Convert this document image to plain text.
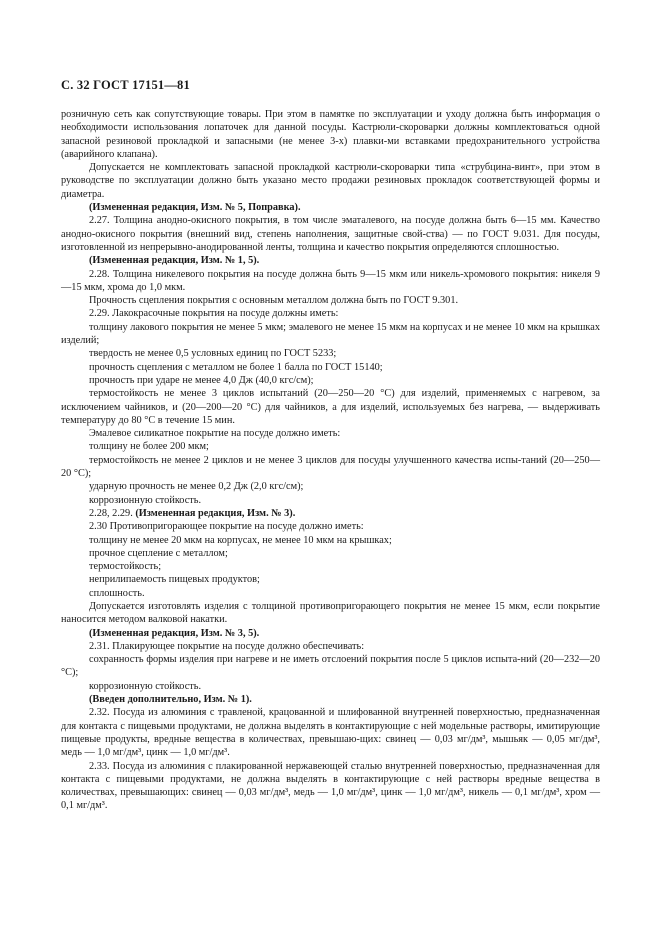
С. 32 ГОСТ 17151—81

розничную сеть как сопутствующие товары. При этом в памятке по эксплуатации и уходу должна быть информация о необходимости использования лопаточек для данной посуды. Кастрюли-скороварки должны комплектоваться одной запасной резиновой прокладкой и запасными (не менее 3-х) плавки-ми вставками предохранительного устройства (аварийного клапана).

Допускается не комплектовать запасной прокладкой кастрюли-скороварки типа «струбцина-винт», при этом в руководстве по эксплуатации должно быть указано место продажи резиновых прокладок соответствующей формы и диаметра.

(Измененная редакция, Изм. № 5, Поправка).

2.27. Толщина анодно-окисного покрытия, в том числе эматалевого, на посуде должна быть 6—15 мм. Качество анодно-окисного покрытия (внешний вид, степень наполнения, защитные свой-ства) — по ГОСТ 9.031. Для посуды, изготовленной из непрерывно-анодированной ленты, толщина и качество покрытия определяются сплошностью.

(Измененная редакция, Изм. № 1, 5).

2.28. Толщина никелевого покрытия на посуде должна быть 9—15 мкм или никель-хромового покрытия: никеля 9—15 мкм, хрома до 1,0 мкм.

Прочность сцепления покрытия с основным металлом должна быть по ГОСТ 9.301.

2.29. Лакокрасочные покрытия на посуде должны иметь:

толщину лакового покрытия не менее 5 мкм; эмалевого не менее 15 мкм на корпусах и не менее 10 мкм на крышках изделий;

твердость не менее 0,5 условных единиц по ГОСТ 5233;

прочность сцепления с металлом не более 1 балла по ГОСТ 15140;

прочность при ударе не менее 4,0 Дж (40,0 кгс/см);

термостойкость не менее 3 циклов испытаний (20—250—20 °С) для изделий, применяемых с нагревом, за исключением чайников, и (20—200—20 °С) для чайников, а для изделий, используемых без нагрева, — выдерживать температуру до 80 °С в течение 15 мин.

Эмалевое силикатное покрытие на посуде должно иметь:

толщину не более 200 мкм;

термостойкость не менее 2 циклов и не менее 3 циклов для посуды улучшенного качества испы-таний (20—250—20 °С);

ударную прочность не менее 0,2 Дж (2,0 кгс/см);

коррозионную стойкость.

2.28, 2.29. (Измененная редакция, Изм. № 3).

2.30 Противопригорающее покрытие на посуде должно иметь:

толщину не менее 20 мкм на корпусах, не менее 10 мкм на крышках;

прочное сцепление с металлом;

термостойкость;

неприлипаемость пищевых продуктов;

сплошность.

Допускается изготовлять изделия с толщиной противопригорающего покрытия не менее 15 мкм, если покрытие наносится методом валковой накатки.

(Измененная редакция, Изм. № 3, 5).

2.31. Плакирующее покрытие на посуде должно обеспечивать:

сохранность формы изделия при нагреве и не иметь отслоений покрытия после 5 циклов испыта-ний (20—232—20 °С);

коррозионную стойкость.

(Введен дополнительно, Изм. № 1).

2.32. Посуда из алюминия с травленой, крацованной и шлифованной внутренней поверхностью, предназначенная для контакта с пищевыми продуктами, не должна выделять в контактирующие с ней модельные растворы, имитирующие пищевые продукты, вредные вещества в количествах, превышаю-щих: свинец — 0,03 мг/дм³, мышьяк — 0,05 мг/дм³, медь — 1,0 мг/дм³, цинк — 1,0 мг/дм³.

2.33. Посуда из алюминия с плакированной нержавеющей сталью внутренней поверхностью, предназначенная для контакта с пищевыми продуктами, не должна выделять в контактирующие с ней растворы вредные вещества в количествах, превышающих: свинец — 0,03 мг/дм³, медь — 1,0 мг/дм³, цинк — 1,0 мг/дм³, никель — 0,1 мг/дм³, хром — 0,1 мг/дм³.
